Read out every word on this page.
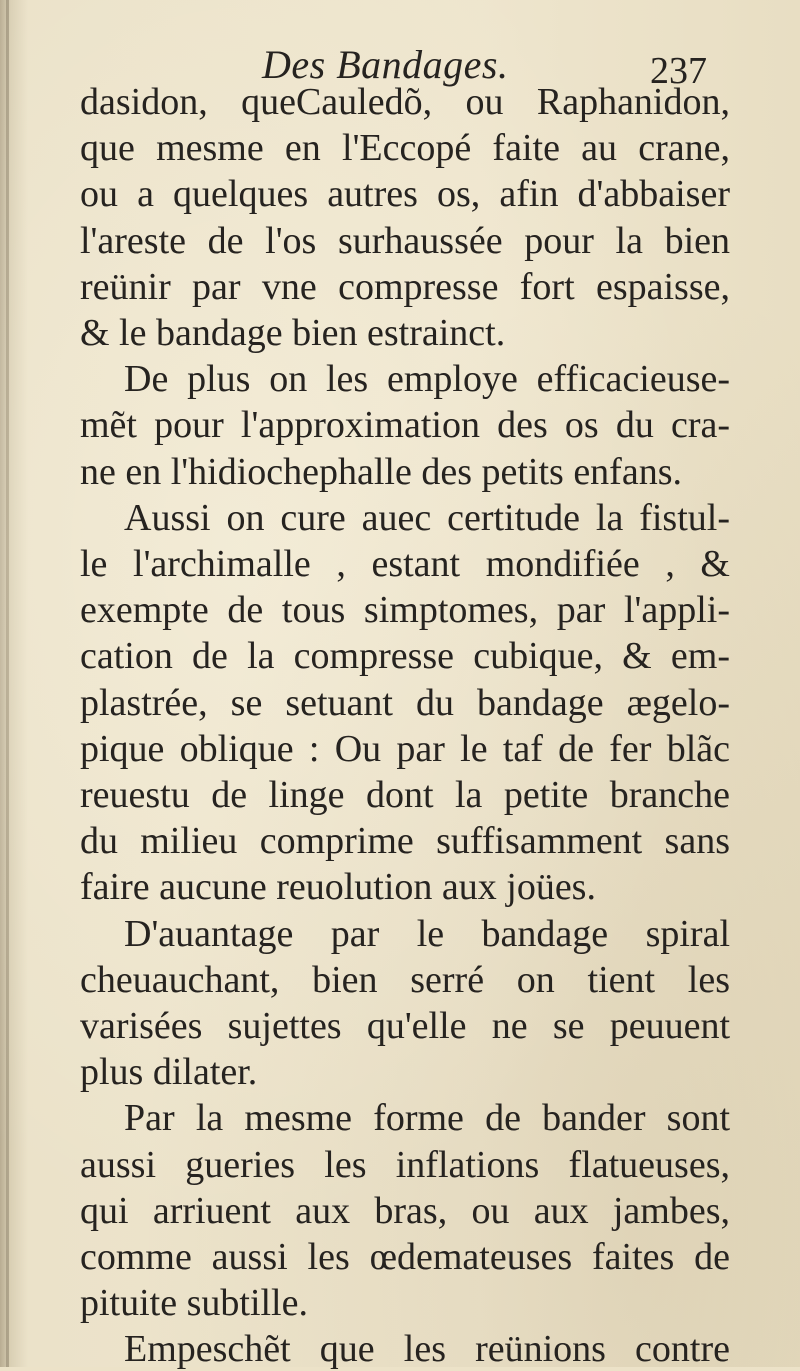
Des Bandages.	237
dasidon, queCauledõ, ou Raphanidon,
que mesme en l'Eccopé faite au crane,
ou a quelques autres os, afin d'abbaiser
l'areste de l'os surhaussée pour la bien
reünir par vne compresse fort espaisse,
& le bandage bien estrainct.
De plus on les employe efficacieuse-
mẽt pour l'approximation des os du cra-
ne en l'hidiochephalle des petits enfans.
Aussi on cure auec certitude la fistul-
le l'archimalle , estant mondifiée , &
exempte de tous simptomes, par l'appli-
cation de la compresse cubique, & em-
plastrée, se setuant du bandage ægelo-
pique oblique : Ou par le taf de fer blãc
reuestu de linge dont la petite branche
du milieu comprime suffisamment sans
faire aucune reuolution aux joües.
D'auantage par le bandage spiral
cheuauchant, bien serré on tient les
varisées sujettes qu'elle ne se peuuent
plus dilater.
Par la mesme forme de bander sont
aussi gueries les inflations flatueuses,
qui arriuent aux bras, ou aux jambes,
comme aussi les œdemateuses faites de
pituite subtille.
Empeschẽt que les reünions contre
